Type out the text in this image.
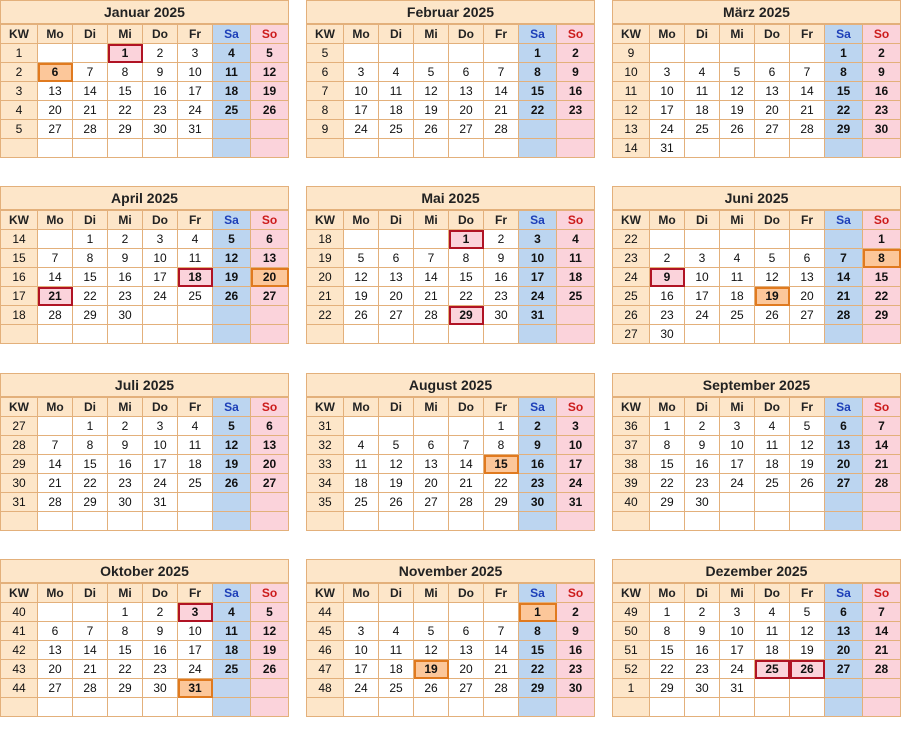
Januar 2025
KW	Mo	Di	Mi	Do	Fr	Sa	So
1			1	2	3	4	5
2	6	7	8	9	10	11	12
3	13	14	15	16	17	18	19
4	20	21	22	23	24	25	26
5	27	28	29	30	31		

Februar 2025
KW	Mo	Di	Mi	Do	Fr	Sa	So
5						1	2
6	3	4	5	6	7	8	9
7	10	11	12	13	14	15	16
8	17	18	19	20	21	22	23
9	24	25	26	27	28		

März 2025
KW	Mo	Di	Mi	Do	Fr	Sa	So
9						1	2
10	3	4	5	6	7	8	9
11	10	11	12	13	14	15	16
12	17	18	19	20	21	22	23
13	24	25	26	27	28	29	30
14	31						
April 2025
KW	Mo	Di	Mi	Do	Fr	Sa	So
14		1	2	3	4	5	6
15	7	8	9	10	11	12	13
16	14	15	16	17	18	19	20
17	21	22	23	24	25	26	27
18	28	29	30				

Mai 2025
KW	Mo	Di	Mi	Do	Fr	Sa	So
18				1	2	3	4
19	5	6	7	8	9	10	11
20	12	13	14	15	16	17	18
21	19	20	21	22	23	24	25
22	26	27	28	29	30	31	

Juni 2025
KW	Mo	Di	Mi	Do	Fr	Sa	So
22							1
23	2	3	4	5	6	7	8
24	9	10	11	12	13	14	15
25	16	17	18	19	20	21	22
26	23	24	25	26	27	28	29
27	30						
Juli 2025
KW	Mo	Di	Mi	Do	Fr	Sa	So
27		1	2	3	4	5	6
28	7	8	9	10	11	12	13
29	14	15	16	17	18	19	20
30	21	22	23	24	25	26	27
31	28	29	30	31			

August 2025
KW	Mo	Di	Mi	Do	Fr	Sa	So
31					1	2	3
32	4	5	6	7	8	9	10
33	11	12	13	14	15	16	17
34	18	19	20	21	22	23	24
35	25	26	27	28	29	30	31

September 2025
KW	Mo	Di	Mi	Do	Fr	Sa	So
36	1	2	3	4	5	6	7
37	8	9	10	11	12	13	14
38	15	16	17	18	19	20	21
39	22	23	24	25	26	27	28
40	29	30					

Oktober 2025
KW	Mo	Di	Mi	Do	Fr	Sa	So
40			1	2	3	4	5
41	6	7	8	9	10	11	12
42	13	14	15	16	17	18	19
43	20	21	22	23	24	25	26
44	27	28	29	30	31		

November 2025
KW	Mo	Di	Mi	Do	Fr	Sa	So
44						1	2
45	3	4	5	6	7	8	9
46	10	11	12	13	14	15	16
47	17	18	19	20	21	22	23
48	24	25	26	27	28	29	30

Dezember 2025
KW	Mo	Di	Mi	Do	Fr	Sa	So
49	1	2	3	4	5	6	7
50	8	9	10	11	12	13	14
51	15	16	17	18	19	20	21
52	22	23	24	25	26	27	28
1	29	30	31				
